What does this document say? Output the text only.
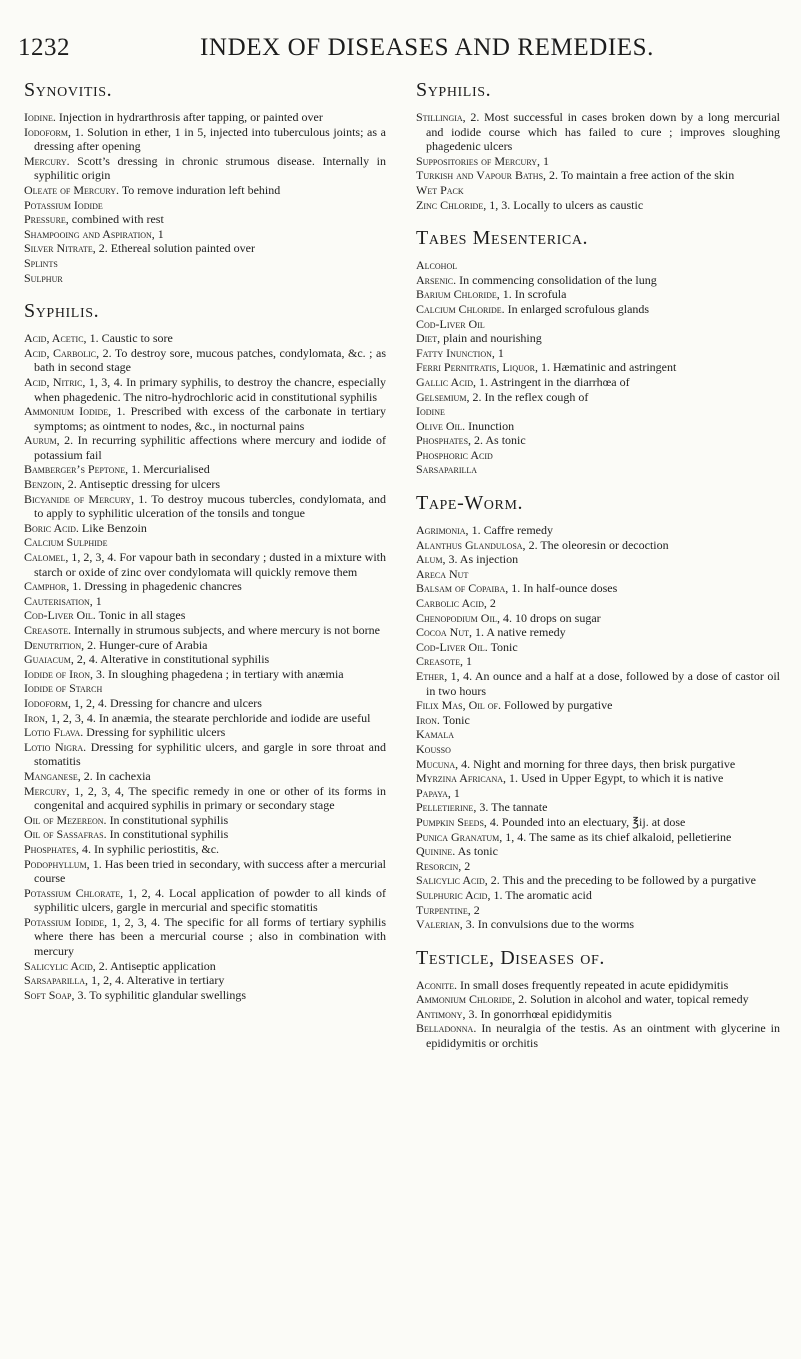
1232	INDEX OF DISEASES AND REMEDIES.
Synovitis.

Iodine. Injection in hydrarthrosis after tapping, or painted over

Iodoform, 1. Solution in ether, 1 in 5, injected into tuberculous joints; as a dressing after opening

Mercury. Scott’s dressing in chronic strumous disease. Internally in syphilitic origin

Oleate of Mercury. To remove induration left behind

Potassium Iodide

Pressure, combined with rest

Shampooing and Aspiration, 1

Silver Nitrate, 2. Ethereal solution painted over

Splints

Sulphur

Syphilis.

Acid, Acetic, 1. Caustic to sore

Acid, Carbolic, 2. To destroy sore, mucous patches, condylomata, &c. ; as bath in second stage

Acid, Nitric, 1, 3, 4. In primary syphilis, to destroy the chancre, especially when phagedenic. The nitro-hydrochloric acid in constitutional syphilis

Ammonium Iodide, 1. Prescribed with excess of the carbonate in tertiary symptoms; as ointment to nodes, &c., in nocturnal pains

Aurum, 2. In recurring syphilitic affections where mercury and iodide of potassium fail

Bamberger’s Peptone, 1. Mercurialised

Benzoin, 2. Antiseptic dressing for ulcers

Bicyanide of Mercury, 1. To destroy mucous tubercles, condylomata, and to apply to syphilitic ulceration of the tonsils and tongue

Boric Acid. Like Benzoin

Calcium Sulphide

Calomel, 1, 2, 3, 4. For vapour bath in secondary ; dusted in a mixture with starch or oxide of zinc over condylomata will quickly remove them

Camphor, 1. Dressing in phagedenic chancres

Cauterisation, 1

Cod-Liver Oil. Tonic in all stages

Creasote. Internally in strumous subjects, and where mercury is not borne

Denutrition, 2. Hunger-cure of Arabia

Guaiacum, 2, 4. Alterative in constitutional syphilis

Iodide of Iron, 3. In sloughing phagedena ; in tertiary with anæmia

Iodide of Starch

Iodoform, 1, 2, 4. Dressing for chancre and ulcers

Iron, 1, 2, 3, 4. In anæmia, the stearate perchloride and iodide are useful

Lotio Flava. Dressing for syphilitic ulcers

Lotio Nigra. Dressing for syphilitic ulcers, and gargle in sore throat and stomatitis

Manganese, 2. In cachexia

Mercury, 1, 2, 3, 4, The specific remedy in one or other of its forms in congenital and acquired syphilis in primary or secondary stage

Oil of Mezereon. In constitutional syphilis

Oil of Sassafras. In constitutional syphilis

Phosphates, 4. In syphilic periostitis, &c.

Podophyllum, 1. Has been tried in secondary, with success after a mercurial course

Potassium Chlorate, 1, 2, 4. Local application of powder to all kinds of syphilitic ulcers, gargle in mercurial and specific stomatitis

Potassium Iodide, 1, 2, 3, 4. The specific for all forms of tertiary syphilis where there has been a mercurial course ; also in combination with mercury

Salicylic Acid, 2. Antiseptic application

Sarsaparilla, 1, 2, 4. Alterative in tertiary

Soft Soap, 3. To syphilitic glandular swellings

Syphilis.

Stillingia, 2. Most successful in cases broken down by a long mercurial and iodide course which has failed to cure ; improves sloughing phagedenic ulcers

Suppositories of Mercury, 1

Turkish and Vapour Baths, 2. To maintain a free action of the skin

Wet Pack

Zinc Chloride, 1, 3. Locally to ulcers as caustic

Tabes Mesenterica.

Alcohol

Arsenic. In commencing consolidation of the lung

Barium Chloride, 1. In scrofula

Calcium Chloride. In enlarged scrofulous glands

Cod-Liver Oil

Diet, plain and nourishing

Fatty Inunction, 1

Ferri Pernitratis, Liquor, 1. Hæmatinic and astringent

Gallic Acid, 1. Astringent in the diarrhœa of

Gelsemium, 2. In the reflex cough of

Iodine

Olive Oil. Inunction

Phosphates, 2. As tonic

Phosphoric Acid

Sarsaparilla

Tape-Worm.

Agrimonia, 1. Caffre remedy

Alanthus Glandulosa, 2. The oleoresin or decoction

Alum, 3. As injection

Areca Nut

Balsam of Copaiba, 1. In half-ounce doses

Carbolic Acid, 2

Chenopodium Oil, 4. 10 drops on sugar

Cocoa Nut, 1. A native remedy

Cod-Liver Oil. Tonic

Creasote, 1

Ether, 1, 4. An ounce and a half at a dose, followed by a dose of castor oil in two hours

Filix Mas, Oil of. Followed by purgative

Iron. Tonic

Kamala

Kousso

Mucuna, 4. Night and morning for three days, then brisk purgative

Myrzina Africana, 1. Used in Upper Egypt, to which it is native

Papaya, 1

Pelletierine, 3. The tannate

Pumpkin Seeds, 4. Pounded into an electuary, ℥ij. at dose

Punica Granatum, 1, 4. The same as its chief alkaloid, pelletierine

Quinine. As tonic

Resorcin, 2

Salicylic Acid, 2. This and the preceding to be followed by a purgative

Sulphuric Acid, 1. The aromatic acid

Turpentine, 2

Valerian, 3. In convulsions due to the worms

Testicle, Diseases of.

Aconite. In small doses frequently repeated in acute epididymitis

Ammonium Chloride, 2. Solution in alcohol and water, topical remedy

Antimony, 3. In gonorrhœal epididymitis

Belladonna. In neuralgia of the testis. As an ointment with glycerine in epididymitis or orchitis
